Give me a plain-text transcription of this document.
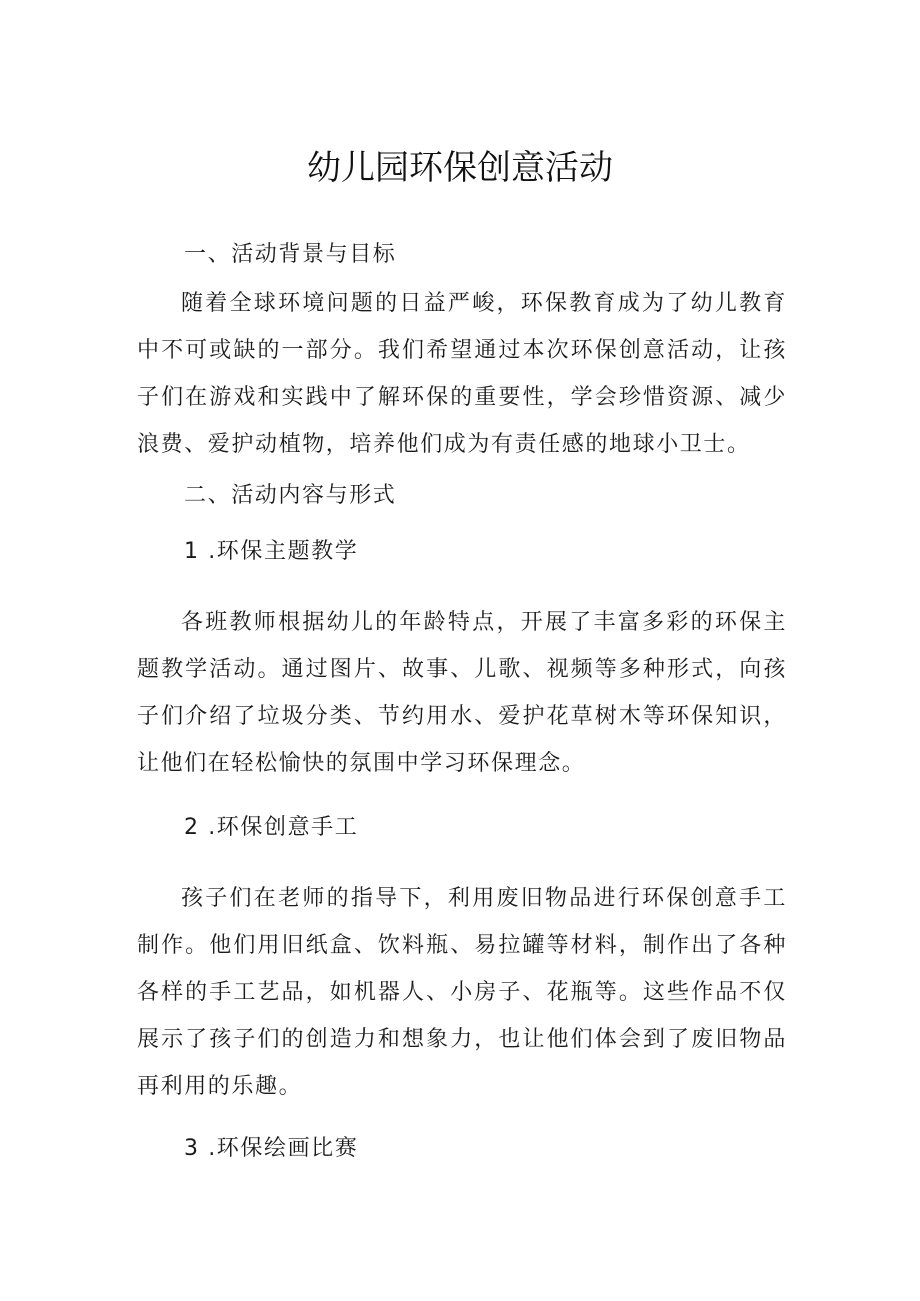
幼儿园环保创意活动
一、活动背景与目标
随着全球环境问题的日益严峻，环保教育成为了幼儿教育中不可或缺的一部分。我们希望通过本次环保创意活动，让孩子们在游戏和实践中了解环保的重要性，学会珍惜资源、减少浪费、爱护动植物，培养他们成为有责任感的地球小卫士。
二、活动内容与形式
1 .环保主题教学
各班教师根据幼儿的年龄特点，开展了丰富多彩的环保主题教学活动。通过图片、故事、儿歌、视频等多种形式，向孩子们介绍了垃圾分类、节约用水、爱护花草树木等环保知识，让他们在轻松愉快的氛围中学习环保理念。
2 .环保创意手工
孩子们在老师的指导下，利用废旧物品进行环保创意手工制作。他们用旧纸盒、饮料瓶、易拉罐等材料，制作出了各种各样的手工艺品，如机器人、小房子、花瓶等。这些作品不仅展示了孩子们的创造力和想象力，也让他们体会到了废旧物品再利用的乐趣。
3 .环保绘画比赛
